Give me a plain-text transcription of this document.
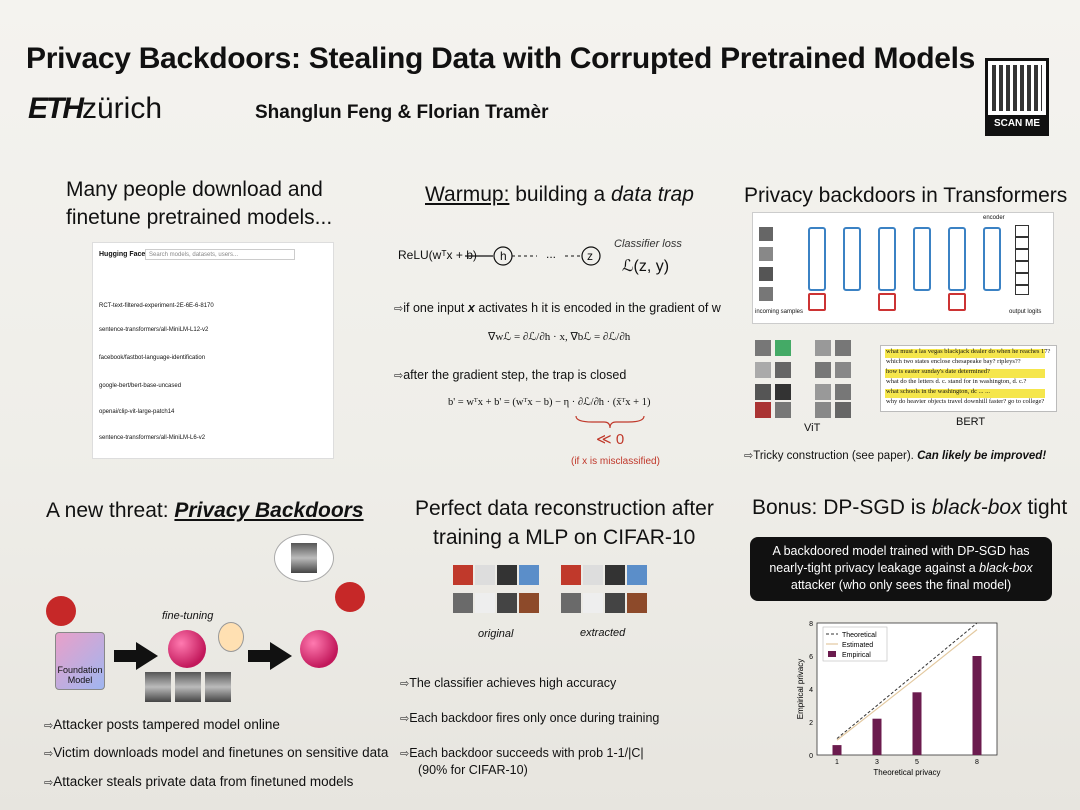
Privacy Backdoors: Stealing Data with Corrupted Pretrained Models
ETHzürich	Shanglun Feng & Florian Tramèr
SCAN ME
Many people download and
finetune pretrained models...
Hugging Face Search models, datasets, users...
RCT-text-filtered-experiment-2E-6E-6-8170
sentence-transformers/all-MiniLM-L12-v2
facebook/fastbot-language-identification
google-bert/bert-base-uncased
openai/clip-vit-large-patch14
sentence-transformers/all-MiniLM-L6-v2
Warmup: building a data trap
ReLU(wᵀx + b) h	...	z
Classifier loss
ℒ(z, y)
⇨ if one input x activates h it is encoded in the gradient of w
∇wℒ = ∂ℒ/∂h · x, ∇bℒ = ∂ℒ/∂h
⇨ after the gradient step, the trap is closed
b' = wᵀx + b' = (wᵀx − b) − η · ∂ℒ/∂h · (x̃ᵀx + 1)
≪ 0
(if x is misclassified)
Privacy backdoors in Transformers
incoming samples	output logits
encoder
ViT
what must a las vegas blackjack dealer do when he reaches 17?
which two states enclose chesapeake bay? ripleys??
how is easter sunday's date determined?
what do the letters d. c. stand for in washington, d. c.?
what schools in the washington, dc ... ...
why do heavier objects travel downhill faster? go to college?
BERT
⇨ Tricky construction (see paper). Can likely be improved!
A new threat: Privacy Backdoors
Foundation Model
fine-tuning
⇨ Attacker posts tampered model online
⇨ Victim downloads model and finetunes on sensitive data
⇨ Attacker steals private data from finetuned models
Perfect data reconstruction after
training a MLP on CIFAR-10
original	extracted
⇨ The classifier achieves high accuracy
⇨ Each backdoor fires only once during training
⇨ Each backdoor succeeds with prob 1-1/|C|
(90% for CIFAR-10)
Bonus: DP-SGD is black-box tight
A backdoored model trained with DP-SGD has
nearly-tight privacy leakage against a black-box
attacker (who only sees the final model)
0
2
4
6
8
1	3	5	8
Theoretical
Estimated
Empirical
Theoretical privacy
Empirical privacy
